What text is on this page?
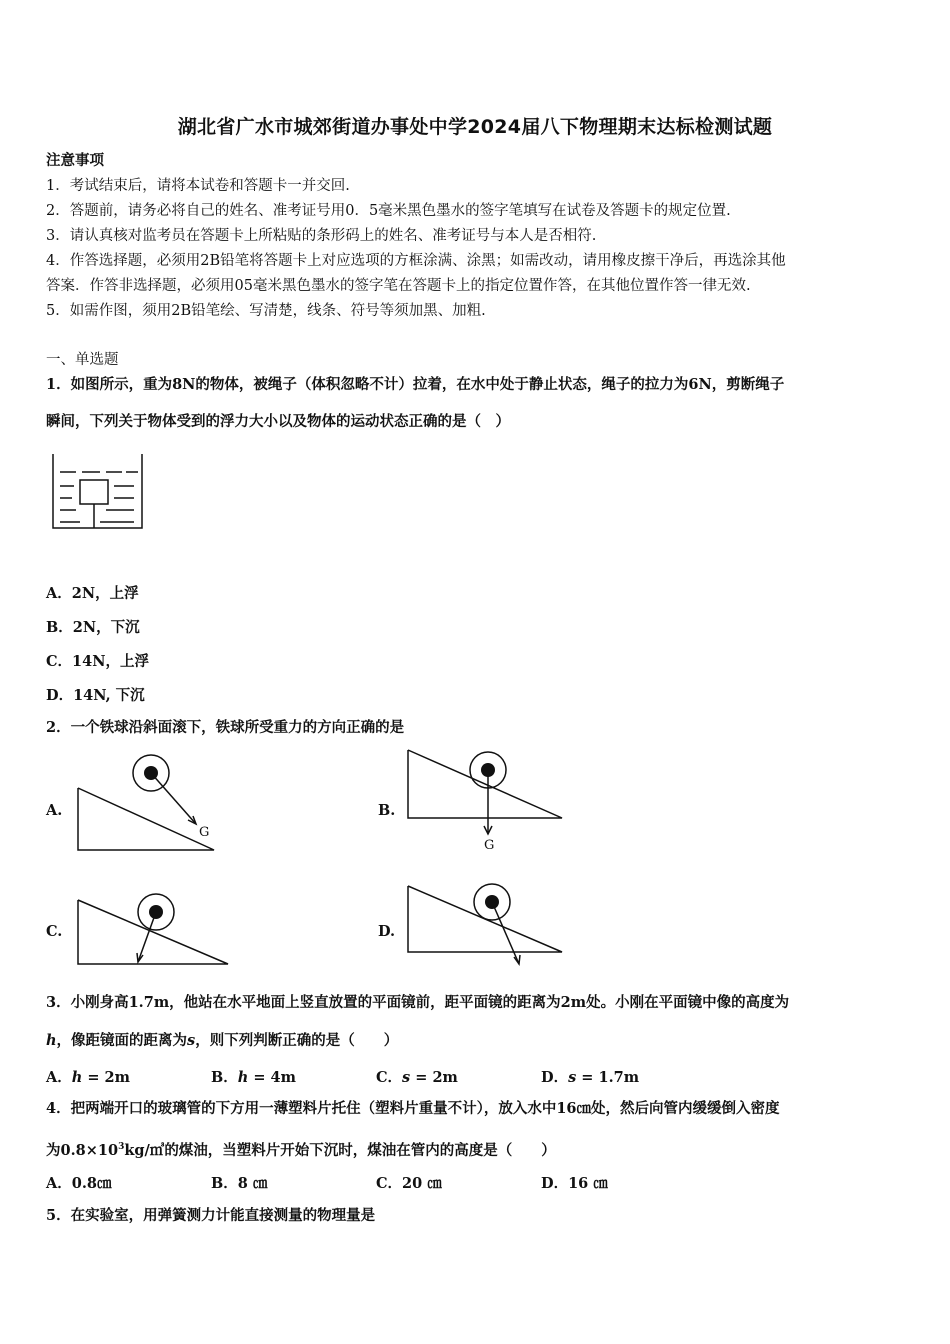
湖北省广水市城郊街道办事处中学2024届八下物理期末达标检测试题
注意事项
1．考试结束后，请将本试卷和答题卡一并交回.
2．答题前，请务必将自己的姓名、准考证号用0．5毫米黑色墨水的签字笔填写在试卷及答题卡的规定位置.
3．请认真核对监考员在答题卡上所粘贴的条形码上的姓名、准考证号与本人是否相符.
4．作答选择题，必须用2B铅笔将答题卡上对应选项的方框涂满、涂黑；如需改动，请用橡皮擦干净后，再选涂其他
答案．作答非选择题，必须用05毫米黑色墨水的签字笔在答题卡上的指定位置作答，在其他位置作答一律无效.
5．如需作图，须用2B铅笔绘、写清楚，线条、符号等须加黑、加粗.
一、单选题
1．如图所示，重为8N的物体，被绳子（体积忽略不计）拉着，在水中处于静止状态，绳子的拉力为6N，剪断绳子
瞬间，下列关于物体受到的浮力大小以及物体的运动状态正确的是（　）
A．2N，上浮
B．2N，下沉
C．14N，上浮
D．14N, 下沉
2．一个铁球沿斜面滚下，铁球所受重力的方向正确的是
A.
G
B.
G
C.	D.
3．小刚身高1.7m，他站在水平地面上竖直放置的平面镜前，距平面镜的距离为2m处。小刚在平面镜中像的高度为
h，像距镜面的距离为s，则下列判断正确的是（　　）
A．h = 2m	B．h = 4m	C．s = 2m	D．s = 1.7m
4．把两端开口的玻璃管的下方用一薄塑料片托住（塑料片重量不计），放入水中16㎝处，然后向管内缓缓倒入密度
为$0.8\times 10^3kg/㎥$的煤油，当塑料片开始下沉时，煤油在管内的高度是（　　）
A．0.8㎝	B．8 ㎝	C．20 ㎝	D．16 ㎝
5．在实验室，用弹簧测力计能直接测量的物理量是
